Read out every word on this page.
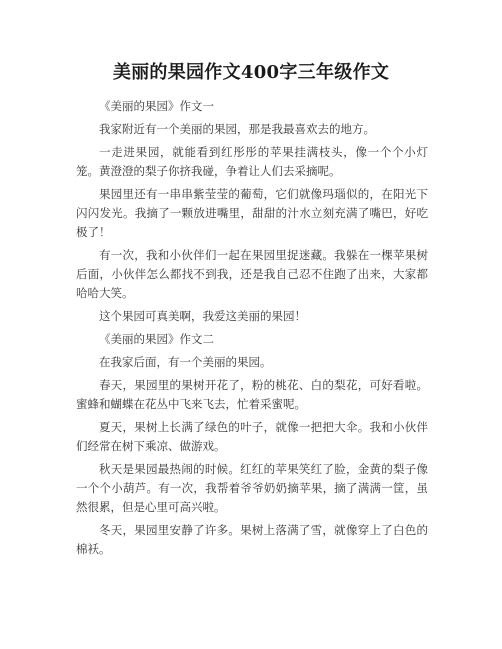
美丽的果园作文400字三年级作文

《美丽的果园》作文一

我家附近有一个美丽的果园，那是我最喜欢去的地方。

一走进果园，就能看到红彤彤的苹果挂满枝头，像一个个小灯笼。黄澄澄的梨子你挤我碰，争着让人们去采摘呢。

果园里还有一串串紫莹莹的葡萄，它们就像玛瑙似的，在阳光下闪闪发光。我摘了一颗放进嘴里，甜甜的汁水立刻充满了嘴巴，好吃极了！

有一次，我和小伙伴们一起在果园里捉迷藏。我躲在一棵苹果树后面，小伙伴怎么都找不到我，还是我自己忍不住跑了出来，大家都哈哈大笑。

这个果园可真美啊，我爱这美丽的果园！

《美丽的果园》作文二

在我家后面，有一个美丽的果园。

春天，果园里的果树开花了，粉的桃花、白的梨花，可好看啦。蜜蜂和蝴蝶在花丛中飞来飞去，忙着采蜜呢。

夏天，果树上长满了绿色的叶子，就像一把把大伞。我和小伙伴们经常在树下乘凉、做游戏。

秋天是果园最热闹的时候。红红的苹果笑红了脸，金黄的梨子像一个个小葫芦。有一次，我帮着爷爷奶奶摘苹果，摘了满满一筐，虽然很累，但是心里可高兴啦。

冬天，果园里安静了许多。果树上落满了雪，就像穿上了白色的棉袄。
